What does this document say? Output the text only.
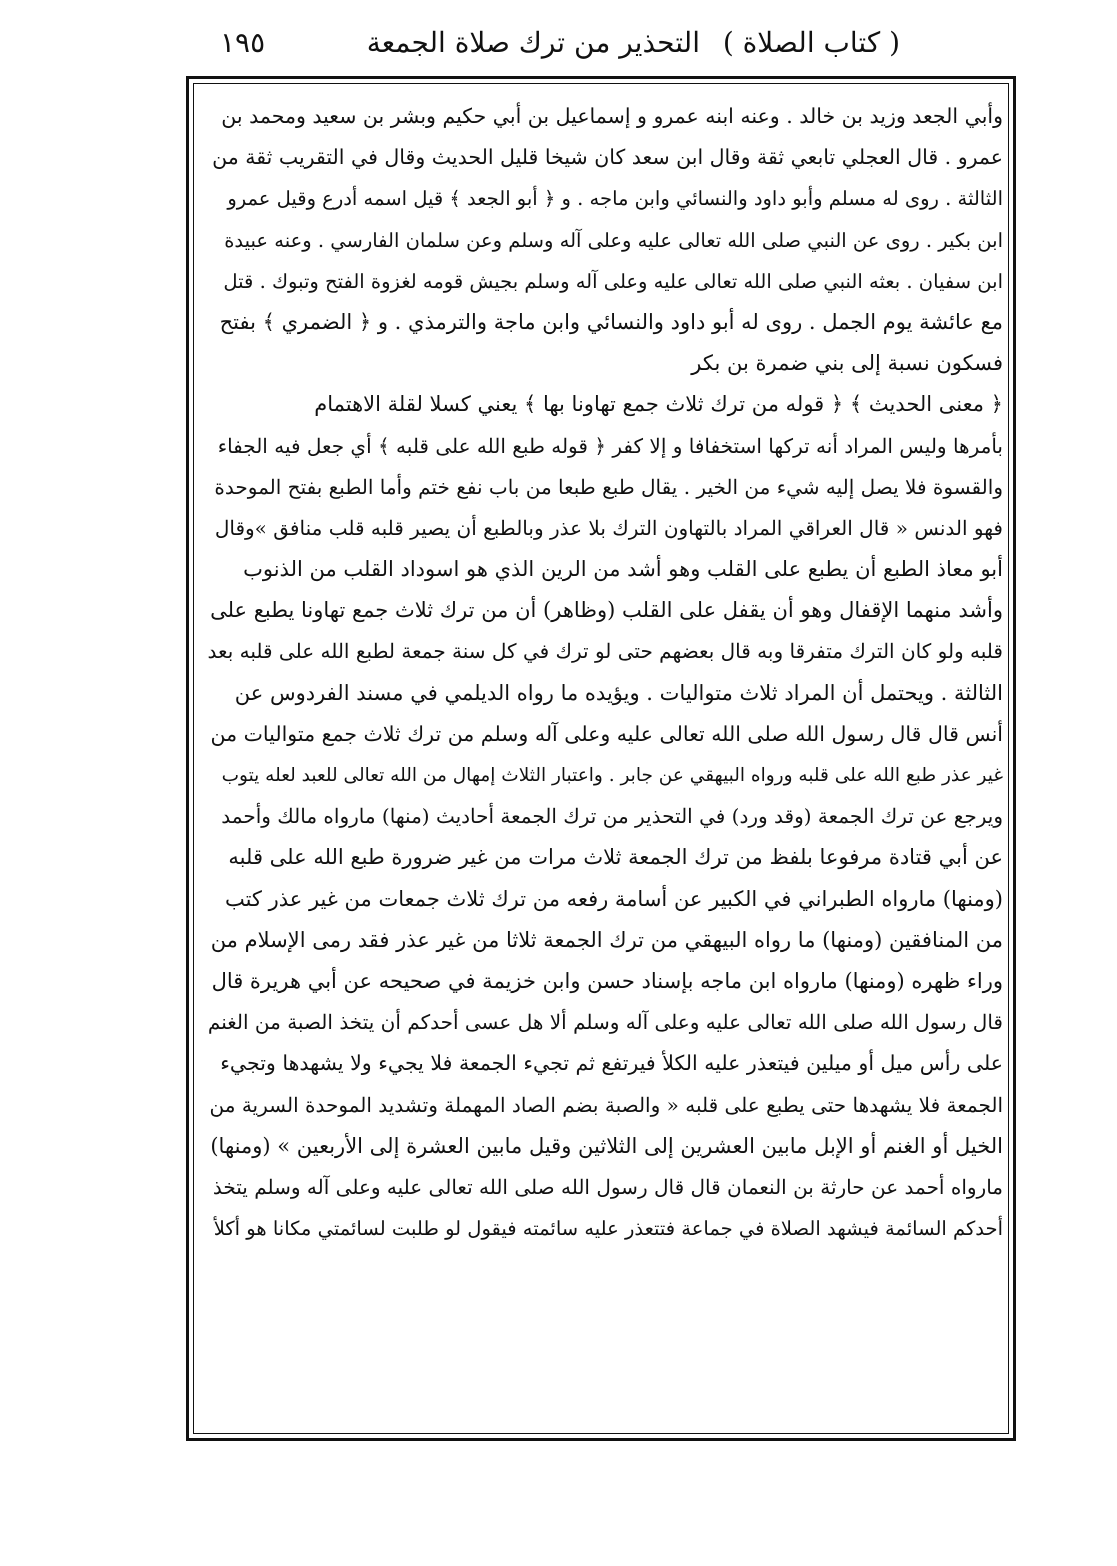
( كتاب الصلاة )
التحذير من ترك صلاة الجمعة
١٩٥
وأبي الجعد وزيد بن خالد . وعنه ابنه عمرو و إسماعيل بن أبي حكيم وبشر بن سعيد ومحمد بن
عمرو . قال العجلي تابعي ثقة وقال ابن سعد كان شيخا قليل الحديث وقال في التقريب ثقة من
الثالثة . روى له مسلم وأبو داود والنسائي وابن ماجه . و ﴿ أبو الجعد ﴾ قيل اسمه أدرع وقيل عمرو
ابن بكير . روى عن النبي صلى الله تعالى عليه وعلى آله وسلم وعن سلمان الفارسي . وعنه عبيدة
ابن سفيان . بعثه النبي صلى الله تعالى عليه وعلى آله وسلم بجيش قومه لغزوة الفتح وتبوك . قتل
مع عائشة يوم الجمل . روى له أبو داود والنسائي وابن ماجة والترمذي . و ﴿ الضمري ﴾ بفتح
فسكون نسبة إلى بني ضمرة بن بكر
﴿ معنى الحديث ﴾ ﴿ قوله من ترك ثلاث جمع تهاونا بها ﴾ يعني كسلا لقلة الاهتمام
بأمرها وليس المراد أنه تركها استخفافا و إلا كفر ﴿ قوله طبع الله على قلبه ﴾ أي جعل فيه الجفاء
والقسوة فلا يصل إليه شيء من الخير . يقال طبع طبعا من باب نفع ختم وأما الطبع بفتح الموحدة
فهو الدنس « قال العراقي المراد بالتهاون الترك بلا عذر وبالطبع أن يصير قلبه قلب منافق »وقال
أبو معاذ الطبع أن يطبع على القلب وهو أشد من الرين الذي هو اسوداد القلب من الذنوب
وأشد منهما الإقفال وهو أن يقفل على القلب (وظاهر) أن من ترك ثلاث جمع تهاونا يطبع على
قلبه ولو كان الترك متفرقا وبه قال بعضهم حتى لو ترك في كل سنة جمعة لطبع الله على قلبه بعد
الثالثة . ويحتمل أن المراد ثلاث متواليات . ويؤيده ما رواه الديلمي في مسند الفردوس عن
أنس قال قال رسول الله صلى الله تعالى عليه وعلى آله وسلم من ترك ثلاث جمع متواليات من
غير عذر طبع الله على قلبه ورواه البيهقي عن جابر . واعتبار الثلاث إمهال من الله تعالى للعبد لعله يتوب
ويرجع عن ترك الجمعة (وقد ورد) في التحذير من ترك الجمعة أحاديث (منها) مارواه مالك وأحمد
عن أبي قتادة مرفوعا بلفظ من ترك الجمعة ثلاث مرات من غير ضرورة طبع الله على قلبه
(ومنها) مارواه الطبراني في الكبير عن أسامة رفعه من ترك ثلاث جمعات من غير عذر كتب
من المنافقين (ومنها) ما رواه البيهقي من ترك الجمعة ثلاثا من غير عذر فقد رمى الإسلام من
وراء ظهره (ومنها) مارواه ابن ماجه بإسناد حسن وابن خزيمة في صحيحه عن أبي هريرة قال
قال رسول الله صلى الله تعالى عليه وعلى آله وسلم ألا هل عسى أحدكم أن يتخذ الصبة من الغنم
على رأس ميل أو ميلين فيتعذر عليه الكلأ فيرتفع ثم تجيء الجمعة فلا يجيء ولا يشهدها وتجيء
الجمعة فلا يشهدها حتى يطبع على قلبه « والصبة بضم الصاد المهملة وتشديد الموحدة السرية من
الخيل أو الغنم أو الإبل مابين العشرين إلى الثلاثين وقيل مابين العشرة إلى الأربعين » (ومنها)
مارواه أحمد عن حارثة بن النعمان قال قال رسول الله صلى الله تعالى عليه وعلى آله وسلم يتخذ
أحدكم السائمة فيشهد الصلاة في جماعة فتتعذر عليه سائمته فيقول لو طلبت لسائمتي مكانا هو أكلأ
